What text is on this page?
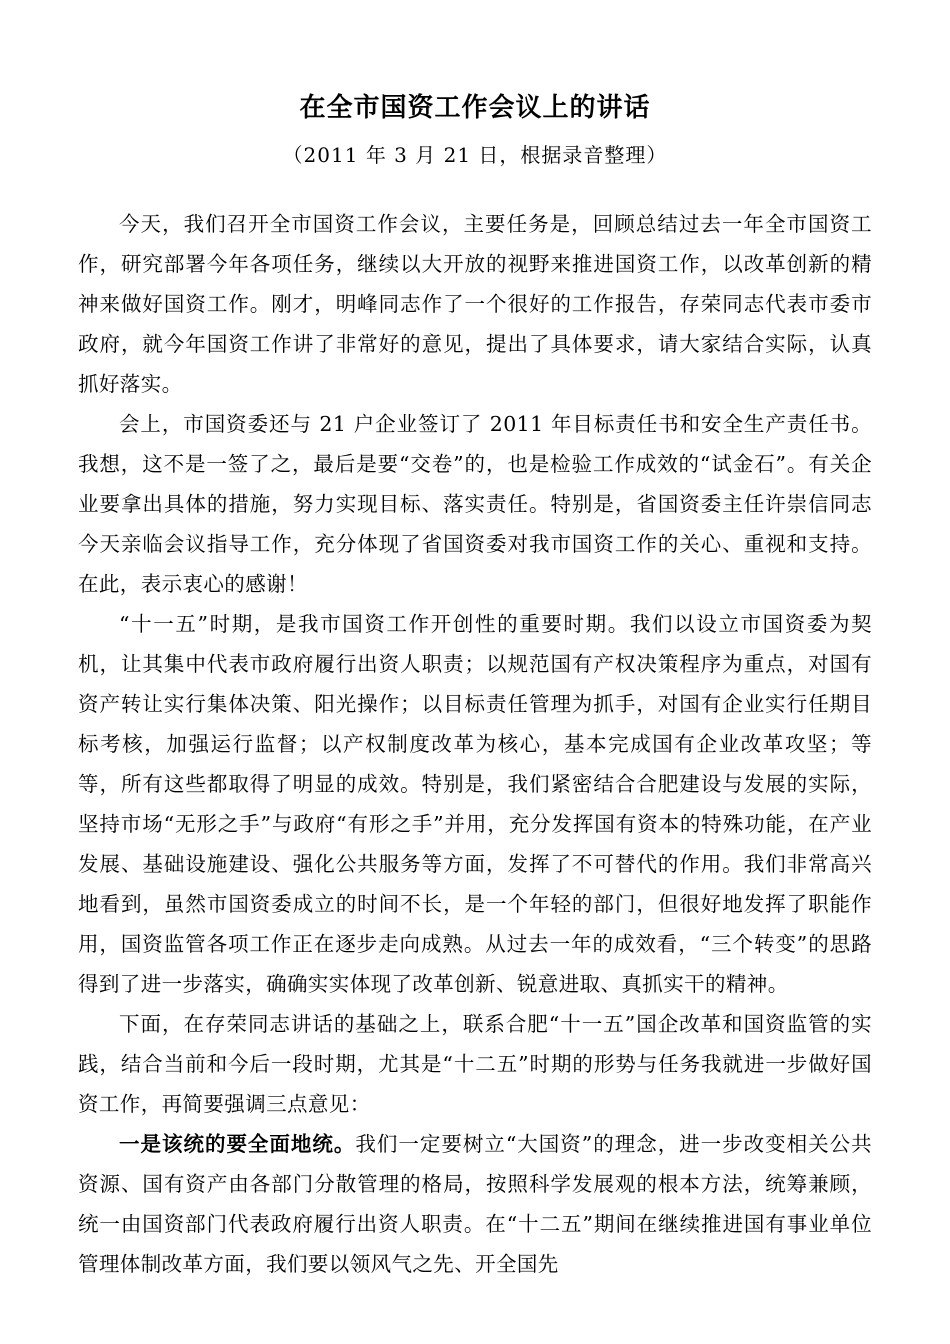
在全市国资工作会议上的讲话
（2011 年 3 月 21 日，根据录音整理）

今天，我们召开全市国资工作会议，主要任务是，回顾总结过去一年全市国资工作，研究部署今年各项任务，继续以大开放的视野来推进国资工作，以改革创新的精神来做好国资工作。刚才，明峰同志作了一个很好的工作报告，存荣同志代表市委市政府，就今年国资工作讲了非常好的意见，提出了具体要求，请大家结合实际，认真抓好落实。

会上，市国资委还与 21 户企业签订了 2011 年目标责任书和安全生产责任书。我想，这不是一签了之，最后是要“交卷”的，也是检验工作成效的“试金石”。有关企业要拿出具体的措施，努力实现目标、落实责任。特别是，省国资委主任许崇信同志今天亲临会议指导工作，充分体现了省国资委对我市国资工作的关心、重视和支持。在此，表示衷心的感谢！

“十一五”时期，是我市国资工作开创性的重要时期。我们以设立市国资委为契机，让其集中代表市政府履行出资人职责；以规范国有产权决策程序为重点，对国有资产转让实行集体决策、阳光操作；以目标责任管理为抓手，对国有企业实行任期目标考核，加强运行监督；以产权制度改革为核心，基本完成国有企业改革攻坚；等等，所有这些都取得了明显的成效。特别是，我们紧密结合合肥建设与发展的实际，坚持市场“无形之手”与政府“有形之手”并用，充分发挥国有资本的特殊功能，在产业发展、基础设施建设、强化公共服务等方面，发挥了不可替代的作用。我们非常高兴地看到，虽然市国资委成立的时间不长，是一个年轻的部门，但很好地发挥了职能作用，国资监管各项工作正在逐步走向成熟。从过去一年的成效看，“三个转变”的思路得到了进一步落实，确确实实体现了改革创新、锐意进取、真抓实干的精神。

下面，在存荣同志讲话的基础之上，联系合肥“十一五”国企改革和国资监管的实践，结合当前和今后一段时期，尤其是“十二五”时期的形势与任务我就进一步做好国资工作，再简要强调三点意见：

一是该统的要全面地统。我们一定要树立“大国资”的理念，进一步改变相关公共资源、国有资产由各部门分散管理的格局，按照科学发展观的根本方法，统筹兼顾，统一由国资部门代表政府履行出资人职责。在“十二五”期间在继续推进国有事业单位管理体制改革方面，我们要以领风气之先、开全国先
